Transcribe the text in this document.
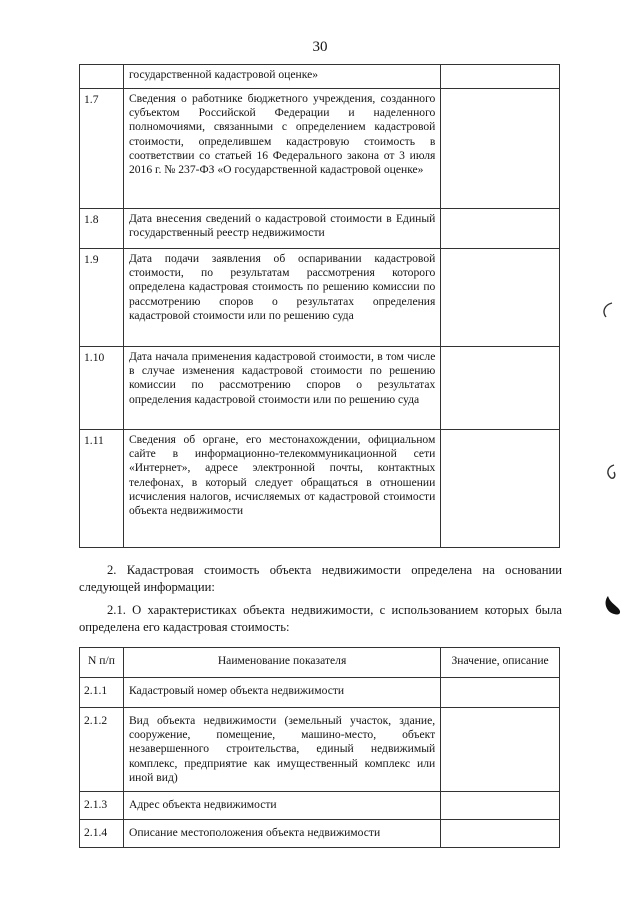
30
	государственной кадастровой оценке»	
1.7	Сведения о работнике бюджетного учреждения, созданного субъектом Российской Федерации и наделенного полномочиями, связанными с определением кадастровой стоимости, определившем кадастровую стоимость в соответствии со статьей 16 Федерального закона от 3 июля 2016 г. № 237-ФЗ «О государственной кадастровой оценке»	
1.8	Дата внесения сведений о кадастровой стоимости в Единый государственный реестр недвижимости	
1.9	Дата подачи заявления об оспаривании кадастровой стоимости, по результатам рассмотрения которого определена кадастровая стоимость по решению комиссии по рассмотрению споров о результатах определения кадастровой стоимости или по решению суда	
1.10	Дата начала применения кадастровой стоимости, в том числе в случае изменения кадастровой стоимости по решению комиссии по рассмотрению споров о результатах определения кадастровой стоимости или по решению суда	
1.11	Сведения об органе, его местонахождении, официальном сайте в информационно-телекоммуникационной сети «Интернет», адресе электронной почты, контактных телефонах, в который следует обращаться в отношении исчисления налогов, исчисляемых от кадастровой стоимости объекта недвижимости	
2. Кадастровая стоимость объекта недвижимости определена на основании следующей информации:
2.1. О характеристиках объекта недвижимости, с использованием которых была определена его кадастровая стоимость:
N п/п	Наименование показателя	Значение, описание
2.1.1	Кадастровый номер объекта недвижимости	
2.1.2	Вид объекта недвижимости (земельный участок, здание, сооружение, помещение, машино-место, объект незавершенного строительства, единый недвижимый комплекс, предприятие как имущественный комплекс или иной вид)	
2.1.3	Адрес объекта недвижимости	
2.1.4	Описание местоположения объекта недвижимости	
